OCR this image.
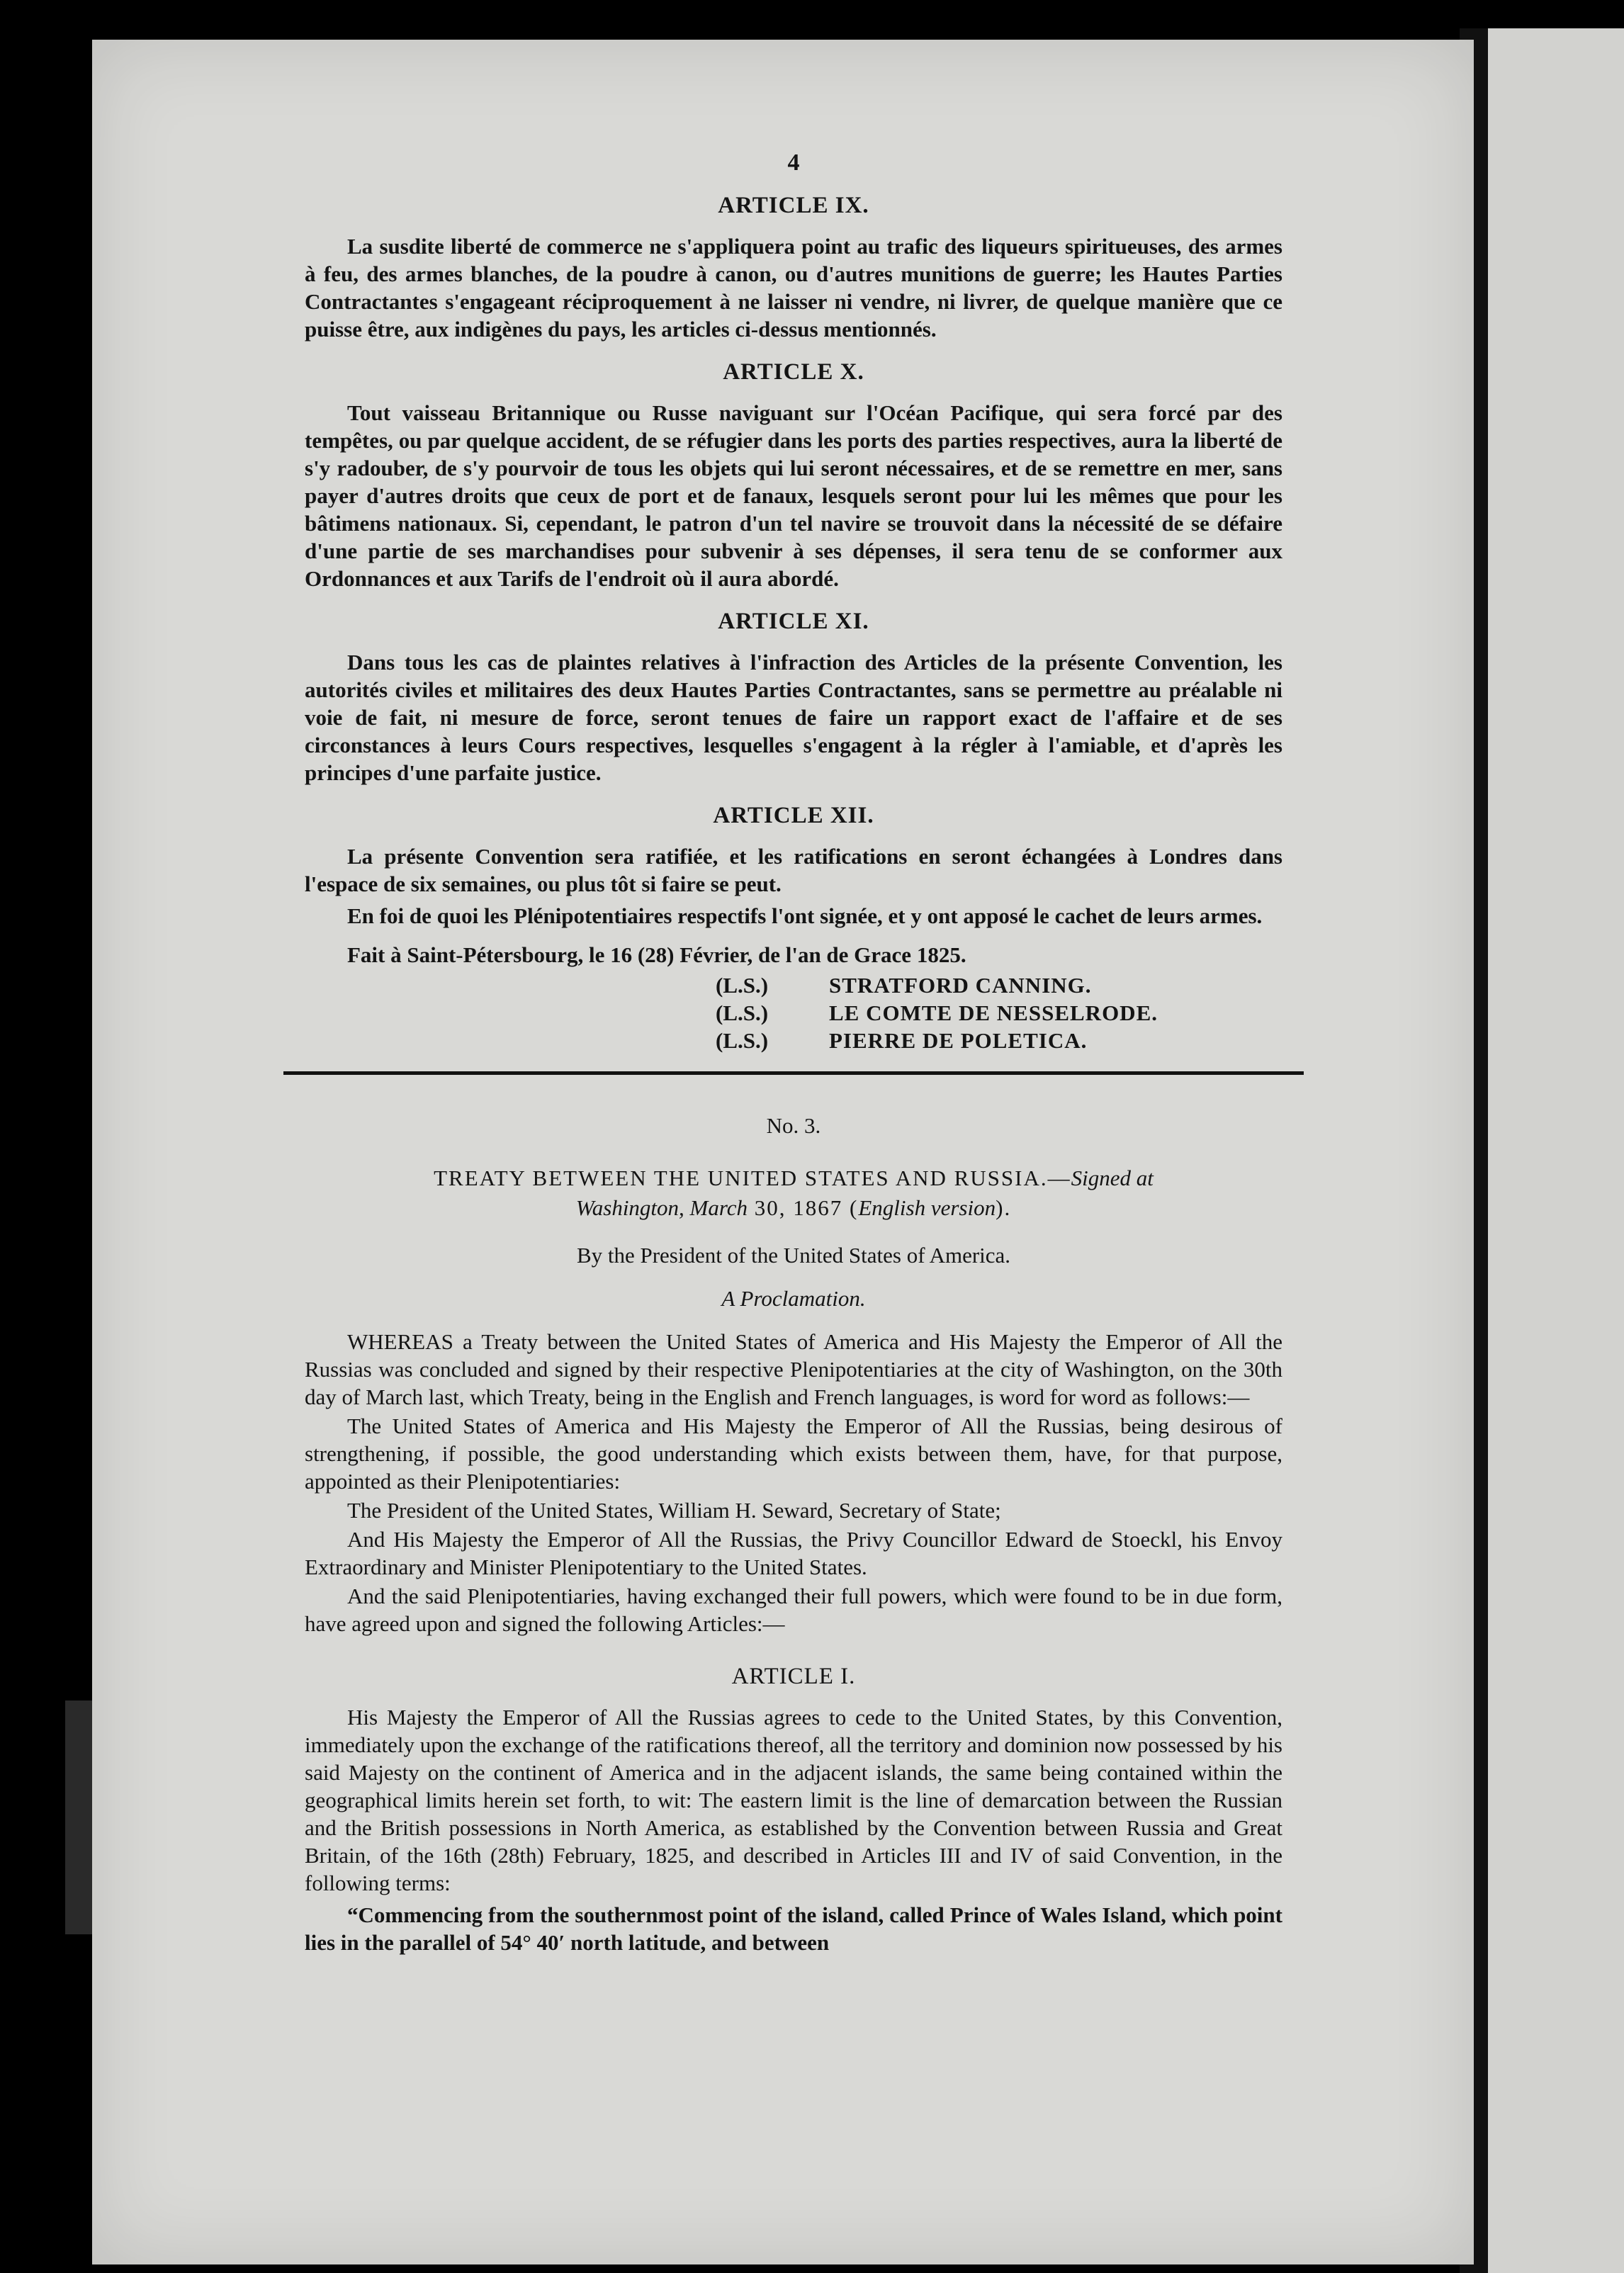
4
ARTICLE IX.

La susdite liberté de commerce ne s'appliquera point au trafic des liqueurs spiritueuses, des armes à feu, des armes blanches, de la poudre à canon, ou d'autres munitions de guerre; les Hautes Parties Contractantes s'engageant réciproquement à ne laisser ni vendre, ni livrer, de quelque manière que ce puisse être, aux indigènes du pays, les articles ci-dessus mentionnés.

ARTICLE X.

Tout vaisseau Britannique ou Russe naviguant sur l'Océan Pacifique, qui sera forcé par des tempêtes, ou par quelque accident, de se réfugier dans les ports des parties respectives, aura la liberté de s'y radouber, de s'y pourvoir de tous les objets qui lui seront nécessaires, et de se remettre en mer, sans payer d'autres droits que ceux de port et de fanaux, lesquels seront pour lui les mêmes que pour les bâtimens nationaux. Si, cependant, le patron d'un tel navire se trouvoit dans la nécessité de se défaire d'une partie de ses marchandises pour subvenir à ses dépenses, il sera tenu de se conformer aux Ordonnances et aux Tarifs de l'endroit où il aura abordé.

ARTICLE XI.

Dans tous les cas de plaintes relatives à l'infraction des Articles de la présente Convention, les autorités civiles et militaires des deux Hautes Parties Contractantes, sans se permettre au préalable ni voie de fait, ni mesure de force, seront tenues de faire un rapport exact de l'affaire et de ses circonstances à leurs Cours respectives, lesquelles s'engagent à la régler à l'amiable, et d'après les principes d'une parfaite justice.

ARTICLE XII.

La présente Convention sera ratifiée, et les ratifications en seront échangées à Londres dans l'espace de six semaines, ou plus tôt si faire se peut.

En foi de quoi les Plénipotentiaires respectifs l'ont signée, et y ont apposé le cachet de leurs armes.

Fait à Saint-Pétersbourg, le 16 (28) Février, de l'an de Grace 1825.
(L.S.)	STRATFORD CANNING.
(L.S.)	LE COMTE DE NESSELRODE.
(L.S.)	PIERRE DE POLETICA.
No. 3.
TREATY BETWEEN THE UNITED STATES AND RUSSIA.—Signed at
Washington, March 30, 1867 (English version).
By the President of the United States of America.
A Proclamation.

WHEREAS a Treaty between the United States of America and His Majesty the Emperor of All the Russias was concluded and signed by their respective Plenipotentiaries at the city of Washington, on the 30th day of March last, which Treaty, being in the English and French languages, is word for word as follows:—

The United States of America and His Majesty the Emperor of All the Russias, being desirous of strengthening, if possible, the good understanding which exists between them, have, for that purpose, appointed as their Plenipotentiaries:

The President of the United States, William H. Seward, Secretary of State;

And His Majesty the Emperor of All the Russias, the Privy Councillor Edward de Stoeckl, his Envoy Extraordinary and Minister Plenipotentiary to the United States.

And the said Plenipotentiaries, having exchanged their full powers, which were found to be in due form, have agreed upon and signed the following Articles:—

ARTICLE I.

His Majesty the Emperor of All the Russias agrees to cede to the United States, by this Convention, immediately upon the exchange of the ratifications thereof, all the territory and dominion now possessed by his said Majesty on the continent of America and in the adjacent islands, the same being contained within the geographical limits herein set forth, to wit: The eastern limit is the line of demarcation between the Russian and the British possessions in North America, as established by the Convention between Russia and Great Britain, of the 16th (28th) February, 1825, and described in Articles III and IV of said Convention, in the following terms:

“Commencing from the southernmost point of the island, called Prince of Wales Island, which point lies in the parallel of 54° 40′ north latitude, and between
